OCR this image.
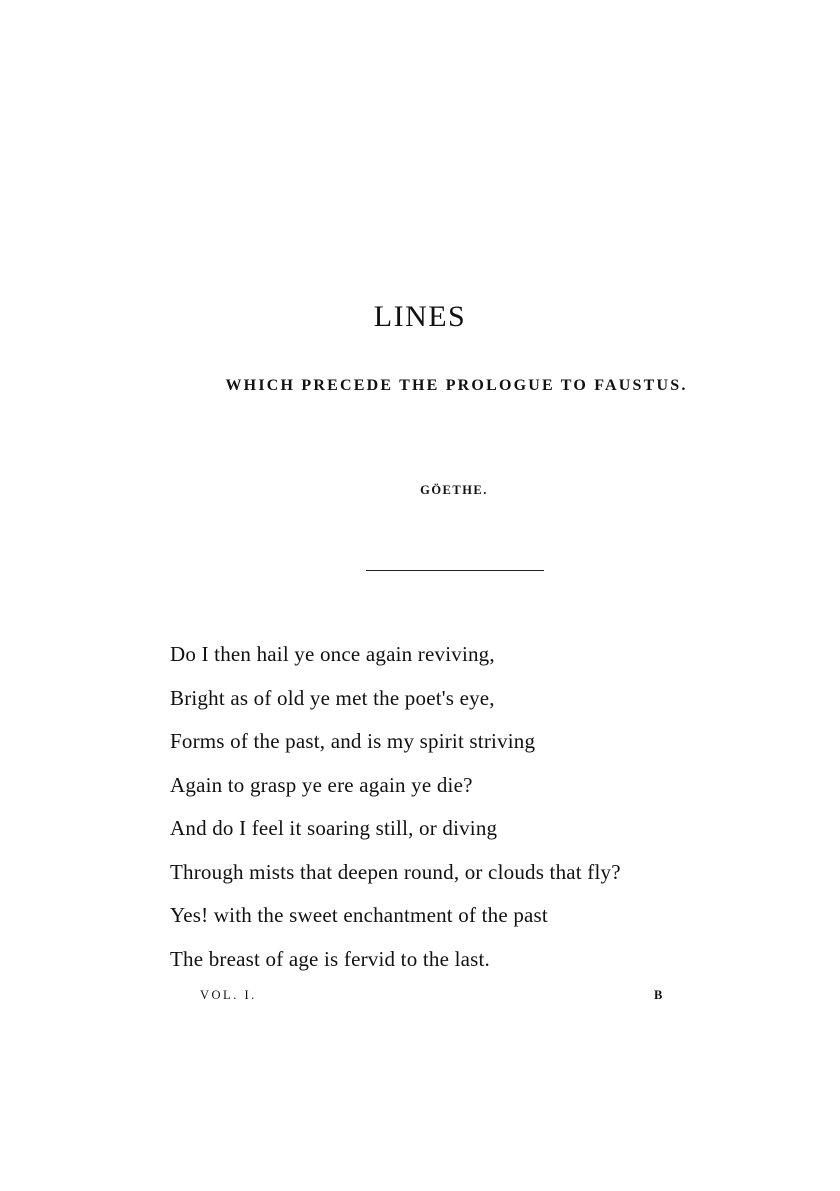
LINES
WHICH PRECEDE THE PROLOGUE TO FAUSTUS.
GÖETHE.
Do I then hail ye once again reviving,
Bright as of old ye met the poet's eye,
Forms of the past, and is my spirit striving
Again to grasp ye ere again ye die?
And do I feel it soaring still, or diving
Through mists that deepen round, or clouds that fly?
Yes! with the sweet enchantment of the past
The breast of age is fervid to the last.
VOL. I.	B
